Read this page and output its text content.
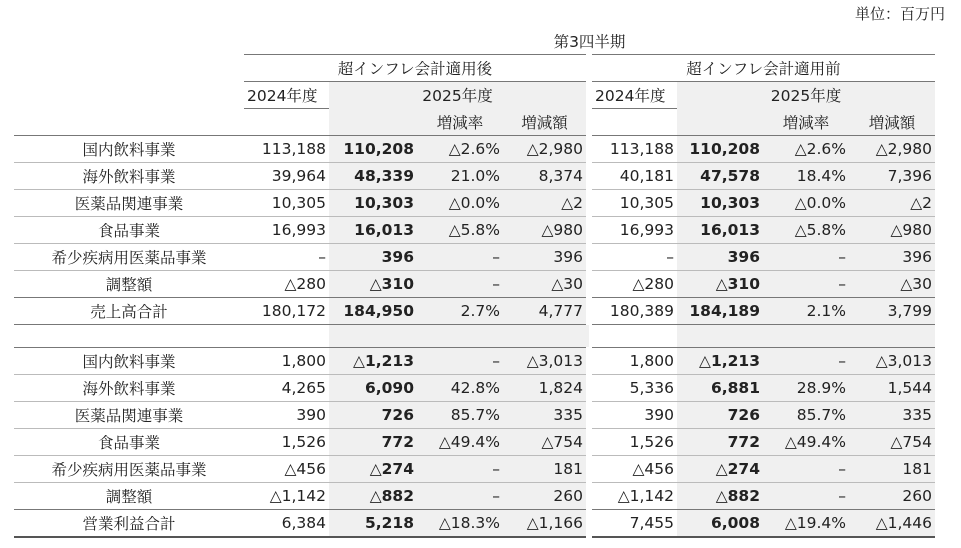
単位：百万円
	第3四半期							
	超インフレ会計適用後				超インフレ会計適用前			
	2024年度	2025年度			2024年度	2025年度		
			増減率	増減額			増減率	増減額
国内飲料事業	113,188	110,208	△2.6%	△2,980	113,188	110,208	△2.6%	△2,980
海外飲料事業	39,964	48,339	21.0%	8,374	40,181	47,578	18.4%	7,396
医薬品関連事業	10,305	10,303	△0.0%	△2	10,305	10,303	△0.0%	△2
食品事業	16,993	16,013	△5.8%	△980	16,993	16,013	△5.8%	△980
希少疾病用医薬品事業	–	396	–	396	–	396	–	396
調整額	△280	△310	–	△30	△280	△310	–	△30
売上高合計	180,172	184,950	2.7%	4,777	180,389	184,189	2.1%	3,799

国内飲料事業	1,800	△1,213	–	△3,013	1,800	△1,213	–	△3,013
海外飲料事業	4,265	6,090	42.8%	1,824	5,336	6,881	28.9%	1,544
医薬品関連事業	390	726	85.7%	335	390	726	85.7%	335
食品事業	1,526	772	△49.4%	△754	1,526	772	△49.4%	△754
希少疾病用医薬品事業	△456	△274	–	181	△456	△274	–	181
調整額	△1,142	△882	–	260	△1,142	△882	–	260
営業利益合計	6,384	5,218	△18.3%	△1,166	7,455	6,008	△19.4%	△1,446
